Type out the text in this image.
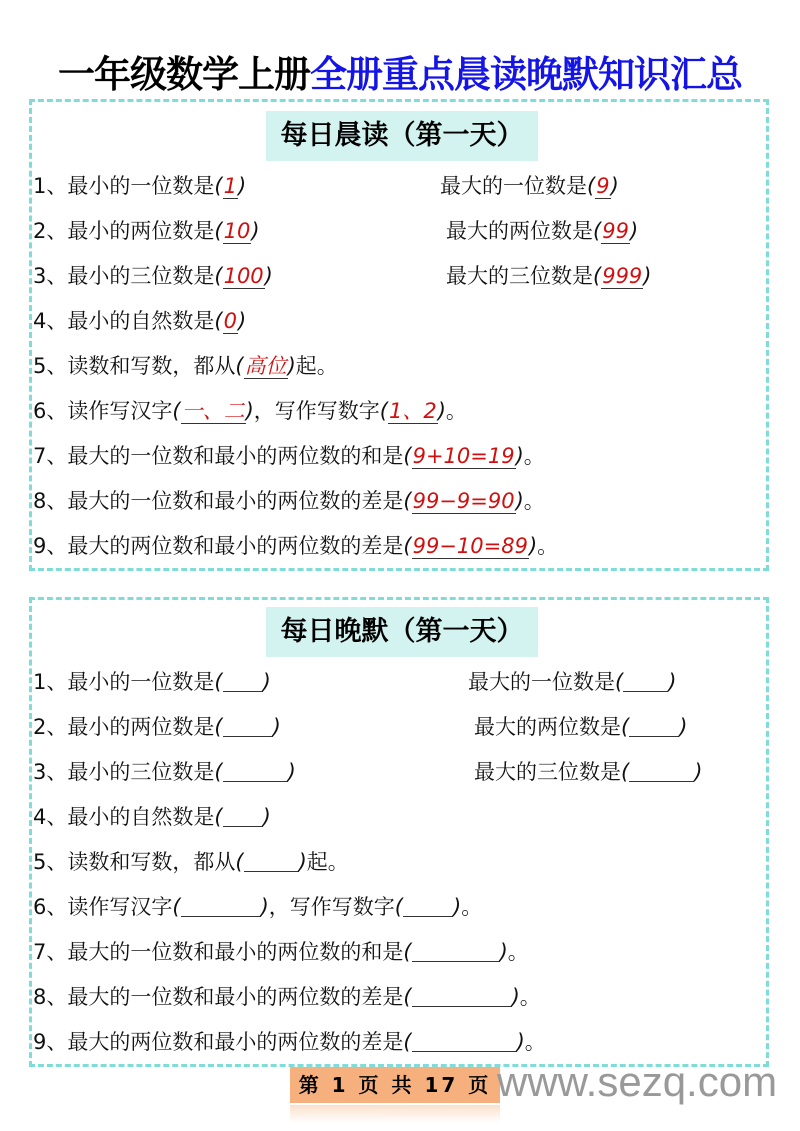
一年级数学上册全册重点晨读晚默知识汇总
每日晨读（第一天）
每日晚默（第一天）
第 1 页 共 17 页 www.sezq.com
1、最小的一位数是(1)	最大的一位数是(9)
2、最小的两位数是(10)	最大的两位数是(99)
3、最小的三位数是(100)	最大的三位数是(999)
4、最小的自然数是(0)
5、读数和写数，都从(高位)起。
6、读作写汉字(一、二)，写作写数字(1、2)。
7、最大的一位数和最小的两位数的和是(9+10=19)。
8、最大的一位数和最小的两位数的差是(99−9=90)。
9、最大的两位数和最小的两位数的差是(99−10=89)。
1、最小的一位数是( )	最大的一位数是( )
2、最小的两位数是( )	最大的两位数是( )
3、最小的三位数是(	)	最大的三位数是(	)
4、最小的自然数是( )
5、读数和写数，都从(	)起。
6、读作写汉字(	)，写作写数字( )。
7、最大的一位数和最小的两位数的和是(	)。
8、最大的一位数和最小的两位数的差是(	)。
9、最大的两位数和最小的两位数的差是(	)。
